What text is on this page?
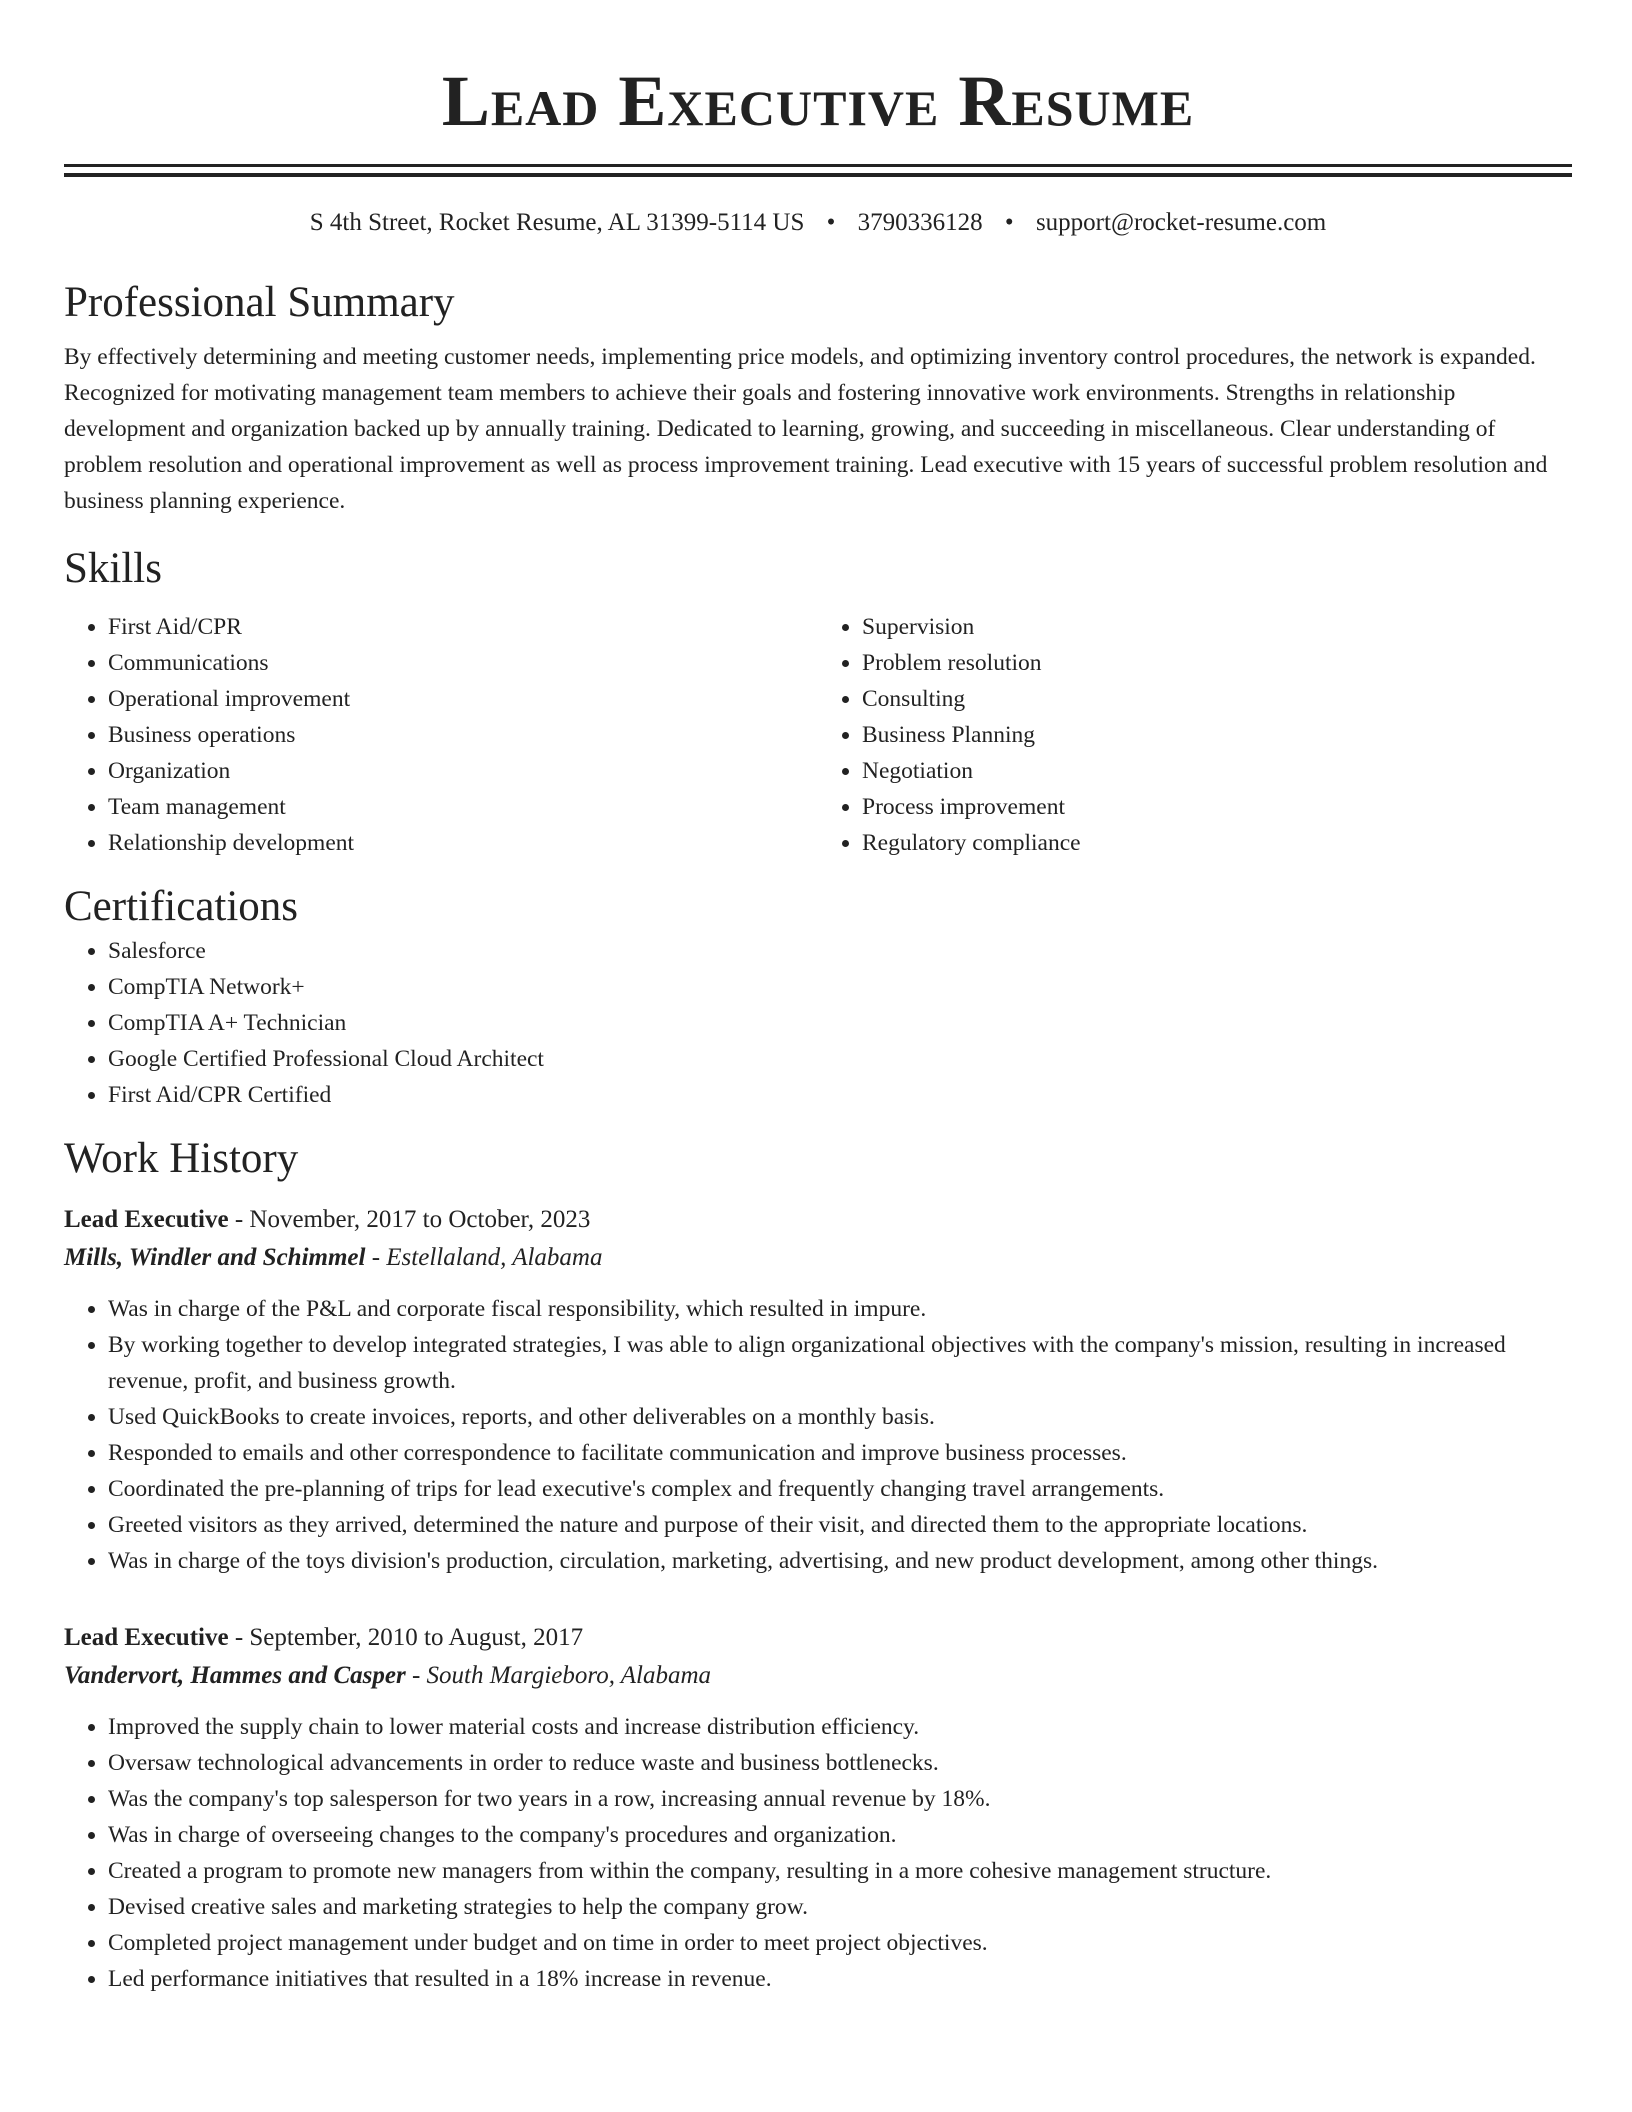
Lead Executive Resume
S 4th Street, Rocket Resume, AL 31399-5114 US • 3790336128 • support@rocket-resume.com
Professional Summary
By effectively determining and meeting customer needs, implementing price models, and optimizing inventory control procedures, the network is expanded. Recognized for motivating management team members to achieve their goals and fostering innovative work environments. Strengths in relationship development and organization backed up by annually training. Dedicated to learning, growing, and succeeding in miscellaneous. Clear understanding of problem resolution and operational improvement as well as process improvement training. Lead executive with 15 years of successful problem resolution and business planning experience.
Skills
• First Aid/CPR
• Communications
• Operational improvement
• Business operations
• Organization
• Team management
• Relationship development
• Supervision
• Problem resolution
• Consulting
• Business Planning
• Negotiation
• Process improvement
• Regulatory compliance
Certifications
• Salesforce
• CompTIA Network+
• CompTIA A+ Technician
• Google Certified Professional Cloud Architect
• First Aid/CPR Certified
Work History
Lead Executive - November, 2017 to October, 2023
Mills, Windler and Schimmel - Estellaland, Alabama
• Was in charge of the P&L and corporate fiscal responsibility, which resulted in impure.
• By working together to develop integrated strategies, I was able to align organizational objectives with the company's mission, resulting in increased revenue, profit, and business growth.
• Used QuickBooks to create invoices, reports, and other deliverables on a monthly basis.
• Responded to emails and other correspondence to facilitate communication and improve business processes.
• Coordinated the pre-planning of trips for lead executive's complex and frequently changing travel arrangements.
• Greeted visitors as they arrived, determined the nature and purpose of their visit, and directed them to the appropriate locations.
• Was in charge of the toys division's production, circulation, marketing, advertising, and new product development, among other things.
Lead Executive - September, 2010 to August, 2017
Vandervort, Hammes and Casper - South Margieboro, Alabama
• Improved the supply chain to lower material costs and increase distribution efficiency.
• Oversaw technological advancements in order to reduce waste and business bottlenecks.
• Was the company's top salesperson for two years in a row, increasing annual revenue by 18%.
• Was in charge of overseeing changes to the company's procedures and organization.
• Created a program to promote new managers from within the company, resulting in a more cohesive management structure.
• Devised creative sales and marketing strategies to help the company grow.
• Completed project management under budget and on time in order to meet project objectives.
• Led performance initiatives that resulted in a 18% increase in revenue.
